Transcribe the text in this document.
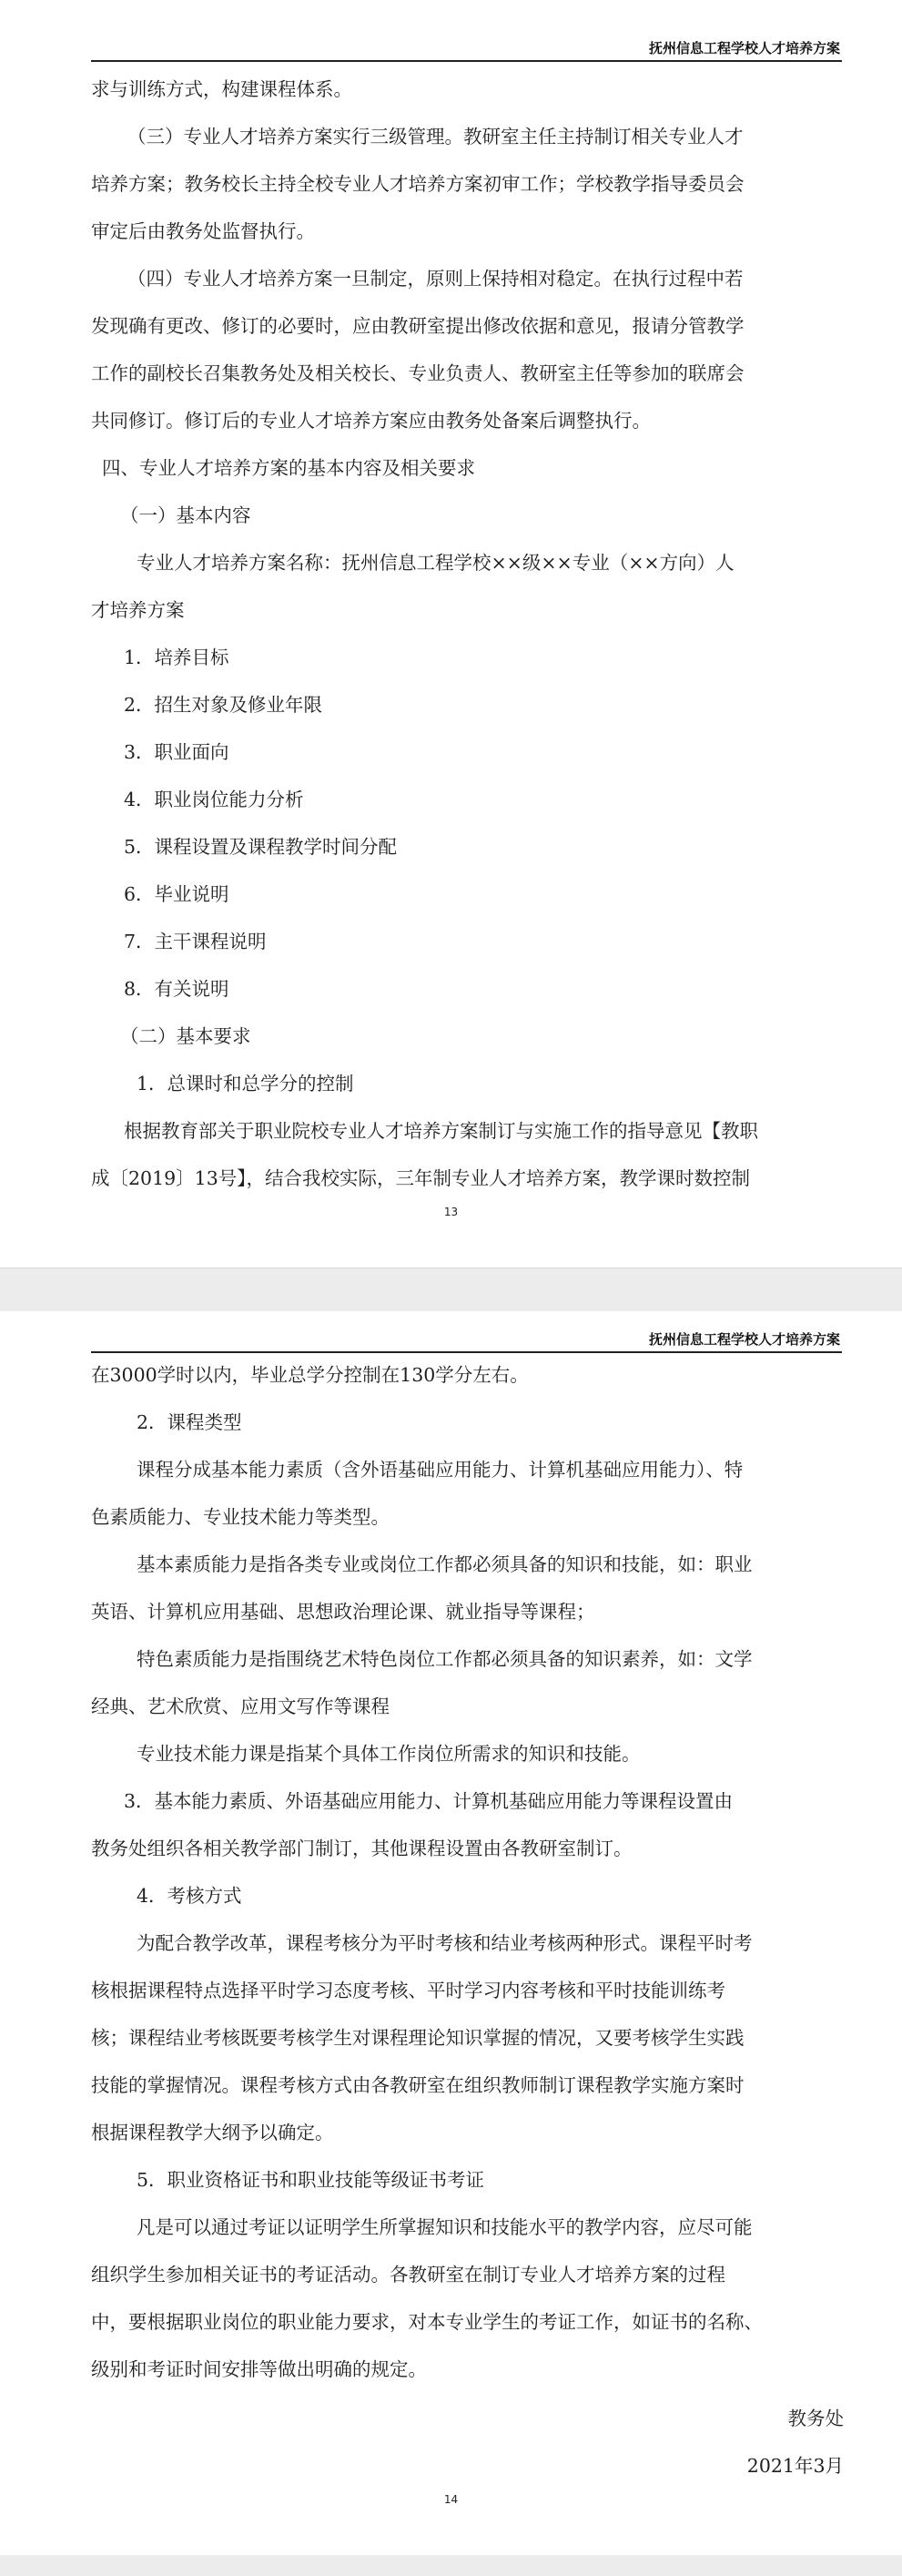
抚州信息工程学校人才培养方案
求与训练方式，构建课程体系。
（三）专业人才培养方案实行三级管理。教研室主任主持制订相关专业人才
培养方案；教务校长主持全校专业人才培养方案初审工作；学校教学指导委员会
审定后由教务处监督执行。
（四）专业人才培养方案一旦制定，原则上保持相对稳定。在执行过程中若
发现确有更改、修订的必要时，应由教研室提出修改依据和意见，报请分管教学
工作的副校长召集教务处及相关校长、专业负责人、教研室主任等参加的联席会
共同修订。修订后的专业人才培养方案应由教务处备案后调整执行。
四、专业人才培养方案的基本内容及相关要求
（一）基本内容
专业人才培养方案名称：抚州信息工程学校××级××专业（××方向）人
才培养方案
1．培养目标
2．招生对象及修业年限
3．职业面向
4．职业岗位能力分析
5．课程设置及课程教学时间分配
6．毕业说明
7．主干课程说明
8．有关说明
（二）基本要求
1．总课时和总学分的控制
根据教育部关于职业院校专业人才培养方案制订与实施工作的指导意见【教职
成〔2019〕13号】，结合我校实际，三年制专业人才培养方案，教学课时数控制
13
抚州信息工程学校人才培养方案
在3000学时以内，毕业总学分控制在130学分左右。
2．课程类型
课程分成基本能力素质（含外语基础应用能力、计算机基础应用能力）、特
色素质能力、专业技术能力等类型。
基本素质能力是指各类专业或岗位工作都必须具备的知识和技能，如：职业
英语、计算机应用基础、思想政治理论课、就业指导等课程；
特色素质能力是指围绕艺术特色岗位工作都必须具备的知识素养，如：文学
经典、艺术欣赏、应用文写作等课程
专业技术能力课是指某个具体工作岗位所需求的知识和技能。
3．基本能力素质、外语基础应用能力、计算机基础应用能力等课程设置由
教务处组织各相关教学部门制订，其他课程设置由各教研室制订。
4．考核方式
为配合教学改革，课程考核分为平时考核和结业考核两种形式。课程平时考
核根据课程特点选择平时学习态度考核、平时学习内容考核和平时技能训练考
核；课程结业考核既要考核学生对课程理论知识掌握的情况，又要考核学生实践
技能的掌握情况。课程考核方式由各教研室在组织教师制订课程教学实施方案时
根据课程教学大纲予以确定。
5．职业资格证书和职业技能等级证书考证
凡是可以通过考证以证明学生所掌握知识和技能水平的教学内容，应尽可能
组织学生参加相关证书的考证活动。各教研室在制订专业人才培养方案的过程
中，要根据职业岗位的职业能力要求，对本专业学生的考证工作，如证书的名称、
级别和考证时间安排等做出明确的规定。
教务处
2021年3月
14
